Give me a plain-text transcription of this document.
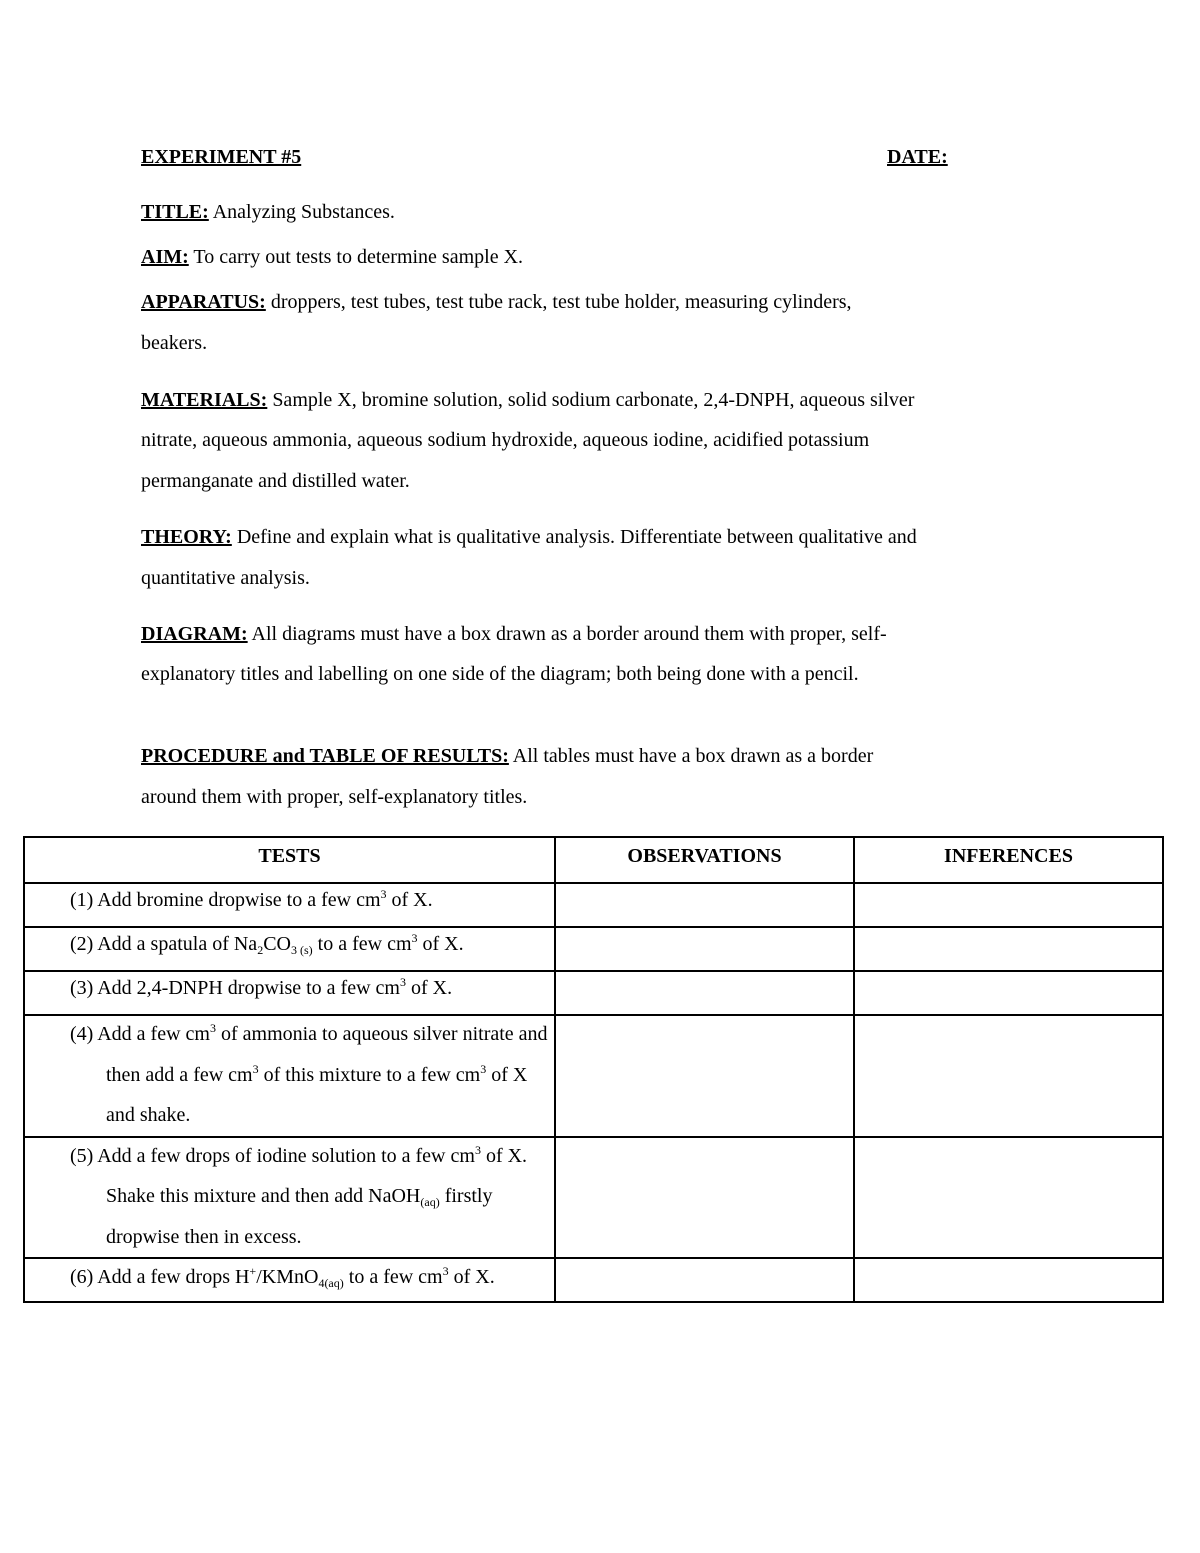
EXPERIMENT #5	DATE:
TITLE: Analyzing Substances.
AIM: To carry out tests to determine sample X.
APPARATUS: droppers, test tubes, test tube rack, test tube holder, measuring cylinders,
beakers.
MATERIALS: Sample X, bromine solution, solid sodium carbonate, 2,4-DNPH, aqueous silver
nitrate, aqueous ammonia, aqueous sodium hydroxide, aqueous iodine, acidified potassium
permanganate and distilled water.
THEORY: Define and explain what is qualitative analysis. Differentiate between qualitative and
quantitative analysis.
DIAGRAM: All diagrams must have a box drawn as a border around them with proper, self-
explanatory titles and labelling on one side of the diagram; both being done with a pencil.
PROCEDURE and TABLE OF RESULTS: All tables must have a box drawn as a border
around them with proper, self-explanatory titles.
TESTS	OBSERVATIONS	INFERENCES

(1) Add bromine dropwise to a few $cm^3$ of X.		

(2) Add a spatula of $Na_2CO_{3 (s)}$ to a few $cm^3$ of X.		

(3) Add 2,4-DNPH dropwise to a few $cm^3$ of X.		

(4) Add a few $cm^3$ of ammonia to aqueous silver nitrate and then add a few $cm^3$ of this mixture to a few $cm^3$ of X and shake.		

(5) Add a few drops of iodine solution to a few $cm^3$ of X. Shake this mixture and then add NaOH$_{(aq)}$ firstly dropwise then in excess.		

(6) Add a few drops H+/KMnO$_{4(aq)}$ to a few $cm^3$ of X.		
